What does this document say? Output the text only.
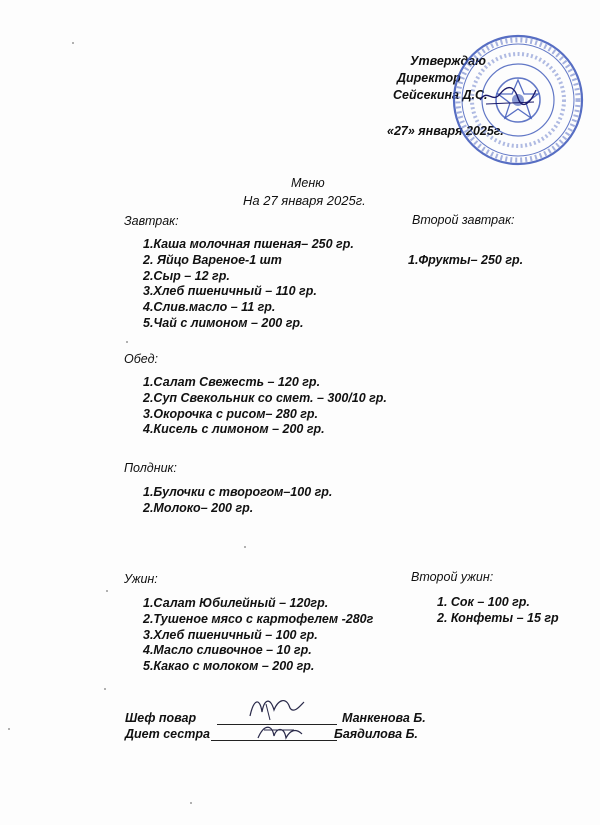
Утверждаю
Директор
Сейсекина Д.С.
«27» января 2025г.
Меню
На 27 января 2025г.
Завтрак:
1.Каша молочная пшеная– 250 гр.
2. Яйцо Вареное-1 шт
2.Сыр – 12 гр.
3.Хлеб пшеничный – 110 гр.
4.Слив.масло – 11 гр.
5.Чай с лимоном – 200 гр.
Второй завтрак:
1.Фрукты– 250 гр.
Обед:
1.Салат Свежесть – 120 гр.
2.Суп Свекольник со смет. – 300/10 гр.
3.Окорочка с рисом– 280 гр.
4.Кисель с лимоном – 200 гр.
Полдник:
1.Булочки с творогом–100 гр.
2.Молоко– 200 гр.
Ужин:
1.Салат Юбилейный – 120гр.
2.Тушеное мясо с картофелем -280г
3.Хлеб пшеничный – 100 гр.
4.Масло сливочное – 10 гр.
5.Какао с молоком – 200 гр.
Второй ужин:
1. Сок – 100 гр.
2. Конфеты – 15 гр
Шеф повар	Манкенова Б.
Диет сестра	Баядилова Б.
